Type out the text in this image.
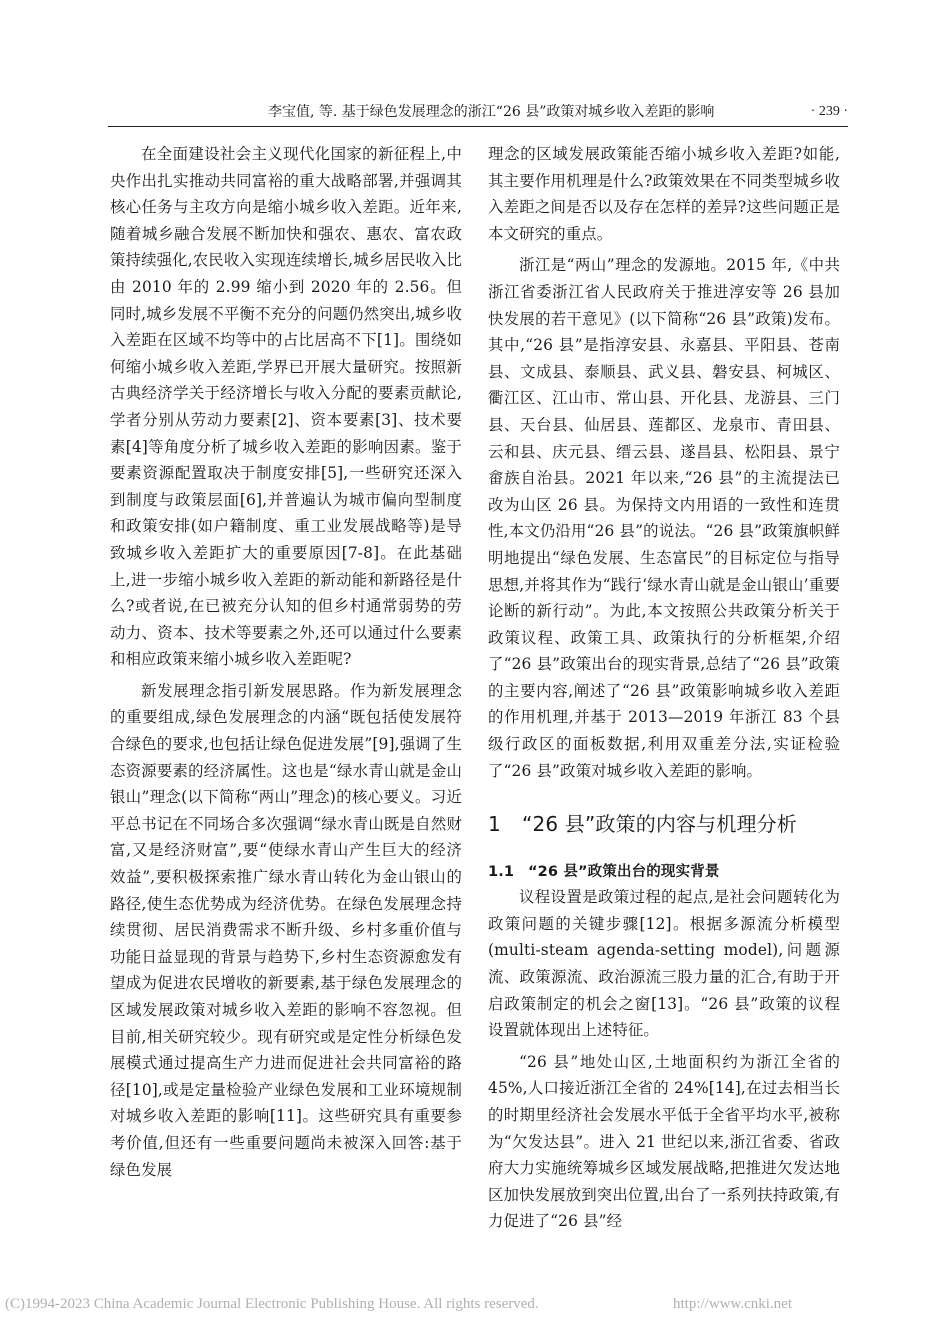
李宝值, 等. 基于绿色发展理念的浙江“26 县”政策对城乡收入差距的影响	· 239 ·

在全面建设社会主义现代化国家的新征程上,中央作出扎实推动共同富裕的重大战略部署,并强调其核心任务与主攻方向是缩小城乡收入差距。近年来,随着城乡融合发展不断加快和强农、惠农、富农政策持续强化,农民收入实现连续增长,城乡居民收入比由 2010 年的 2.99 缩小到 2020 年的 2.56。但同时,城乡发展不平衡不充分的问题仍然突出,城乡收入差距在区域不均等中的占比居高不下[1]。围绕如何缩小城乡收入差距,学界已开展大量研究。按照新古典经济学关于经济增长与收入分配的要素贡献论,学者分别从劳动力要素[2]、资本要素[3]、技术要素[4]等角度分析了城乡收入差距的影响因素。鉴于要素资源配置取决于制度安排[5],一些研究还深入到制度与政策层面[6],并普遍认为城市偏向型制度和政策安排(如户籍制度、重工业发展战略等)是导致城乡收入差距扩大的重要原因[7-8]。在此基础上,进一步缩小城乡收入差距的新动能和新路径是什么?或者说,在已被充分认知的但乡村通常弱势的劳动力、资本、技术等要素之外,还可以通过什么要素和相应政策来缩小城乡收入差距呢?

新发展理念指引新发展思路。作为新发展理念的重要组成,绿色发展理念的内涵“既包括使发展符合绿色的要求,也包括让绿色促进发展”[9],强调了生态资源要素的经济属性。这也是“绿水青山就是金山银山”理念(以下简称“两山”理念)的核心要义。习近平总书记在不同场合多次强调“绿水青山既是自然财富,又是经济财富”,要“使绿水青山产生巨大的经济效益”,要积极探索推广绿水青山转化为金山银山的路径,使生态优势成为经济优势。在绿色发展理念持续贯彻、居民消费需求不断升级、乡村多重价值与功能日益显现的背景与趋势下,乡村生态资源愈发有望成为促进农民增收的新要素,基于绿色发展理念的区域发展政策对城乡收入差距的影响不容忽视。但目前,相关研究较少。现有研究或是定性分析绿色发展模式通过提高生产力进而促进社会共同富裕的路径[10],或是定量检验产业绿色发展和工业环境规制对城乡收入差距的影响[11]。这些研究具有重要参考价值,但还有一些重要问题尚未被深入回答:基于绿色发展

理念的区域发展政策能否缩小城乡收入差距?如能,其主要作用机理是什么?政策效果在不同类型城乡收入差距之间是否以及存在怎样的差异?这些问题正是本文研究的重点。

浙江是“两山”理念的发源地。2015 年,《中共浙江省委浙江省人民政府关于推进淳安等 26 县加快发展的若干意见》(以下简称“26 县”政策)发布。其中,“26 县”是指淳安县、永嘉县、平阳县、苍南县、文成县、泰顺县、武义县、磐安县、柯城区、衢江区、江山市、常山县、开化县、龙游县、三门县、天台县、仙居县、莲都区、龙泉市、青田县、云和县、庆元县、缙云县、遂昌县、松阳县、景宁畲族自治县。2021 年以来,“26 县”的主流提法已改为山区 26 县。为保持文内用语的一致性和连贯性,本文仍沿用“26 县”的说法。“26 县”政策旗帜鲜明地提出“绿色发展、生态富民”的目标定位与指导思想,并将其作为“践行‘绿水青山就是金山银山’重要论断的新行动”。为此,本文按照公共政策分析关于政策议程、政策工具、政策执行的分析框架,介绍了“26 县”政策出台的现实背景,总结了“26 县”政策的主要内容,阐述了“26 县”政策影响城乡收入差距的作用机理,并基于 2013—2019 年浙江 83 个县级行政区的面板数据,利用双重差分法,实证检验了“26 县”政策对城乡收入差距的影响。

1	“26 县”政策的内容与机理分析
1.1 “26 县”政策出台的现实背景

议程设置是政策过程的起点,是社会问题转化为政策问题的关键步骤[12]。根据多源流分析模型(multi-steam agenda-setting model),问题源流、政策源流、政治源流三股力量的汇合,有助于开启政策制定的机会之窗[13]。“26 县”政策的议程设置就体现出上述特征。

“26 县”地处山区,土地面积约为浙江全省的 45%,人口接近浙江全省的 24%[14],在过去相当长的时期里经济社会发展水平低于全省平均水平,被称为“欠发达县”。进入 21 世纪以来,浙江省委、省政府大力实施统筹城乡区域发展战略,把推进欠发达地区加快发展放到突出位置,出台了一系列扶持政策,有力促进了“26 县”经

(C)1994-2023 China Academic Journal Electronic Publishing House. All rights reserved.	http://www.cnki.net
